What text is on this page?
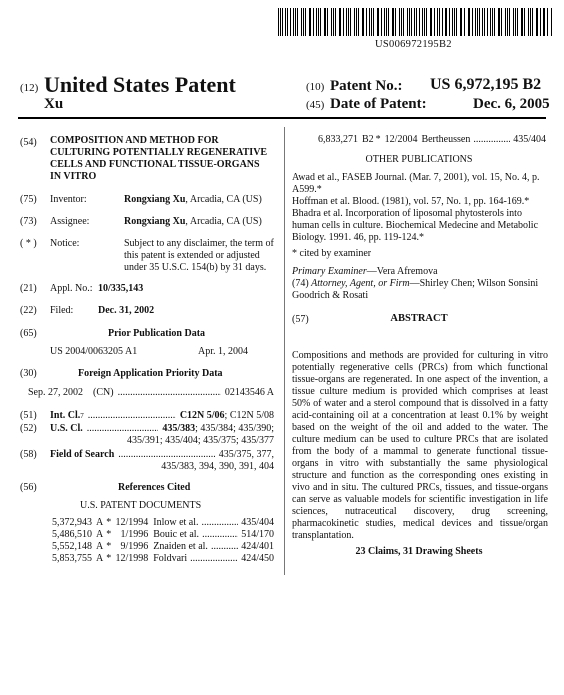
US006972195B2
(12) United States Patent
Xu
(10) Patent No.: US 6,972,195 B2
(45) Date of Patent:	Dec. 6, 2005
(54) COMPOSITION AND METHOD FOR CULTURING POTENTIALLY REGENERATIVE CELLS AND FUNCTIONAL TISSUE-ORGANS IN VITRO
(75) Inventor:	Rongxiang Xu, Arcadia, CA (US)
(73) Assignee:	Rongxiang Xu, Arcadia, CA (US)
( * ) Notice:	Subject to any disclaimer, the term of this patent is extended or adjusted under 35 U.S.C. 154(b) by 31 days.
(21) Appl. No.: 10/335,143
(22) Filed: Dec. 31, 2002
(65)	Prior Publication Data
US 2004/0063205 A1	Apr. 1, 2004
(30)	Foreign Application Priority Data
Sep. 27, 2002 (CN) .....	02143546 A
(51) Int. Cl. 7 .....	C12N 5/06 ; C12N 5/08
(52) U.S. Cl. .....	435/383 ; 435/384; 435/390;
435/391; 435/404; 435/375; 435/377
(58) Field of Search .....	435/375, 377,
435/383, 394, 390, 391, 404
(56)	References Cited
U.S. PATENT DOCUMENTS
5,372,943 A * 12/1994 Inlow et al. .....	435/404
5,486,510 A * 1/1996 Bouic et al. .....	514/170
5,552,148 A * 9/1996 Znaiden et al. .....	424/401
5,853,755 A * 12/1998 Foldvari .....	424/450
6,833,271 B2 * 12/2004 Bertheussen .....	435/404
OTHER PUBLICATIONS
Awad et al., FASEB Journal. (Mar. 7, 2001), vol. 15, No. 4, p. A599.*
Hoffman et al. Blood. (1981), vol. 57, No. 1, pp. 164-169.*
Bhadra et al. Incorporation of liposomal phytosterols into human cells in culture. Biochemical Medecine and Metabolic Biology. 1991. 46, pp. 119-124.*
* cited by examiner
Primary Examiner—Vera Afremova
(74) Attorney, Agent, or Firm—Shirley Chen; Wilson Sonsini Goodrich & Rosati
(57)	ABSTRACT
Compositions and methods are provided for culturing in vitro potentially regenerative cells (PRCs) from which functional tissue-organs are regenerated. In one aspect of the invention, a tissue culture medium is provided which comprises at least 50% of water and a sterol compound that is dissolved in a fatty acid-containing oil at a concentration at least 0.1% by weight based on the weight of the oil and added to the water. The culture medium can be used to culture PRCs that are isolated from the body of a mammal to generate functional tissue-organs in vitro with substantially the same physiological structure and function as the corresponding ones existing in vivo and in situ. The cultured PRCs, tissues, and tissue-organs can serve as valuable models for scientific investigation in life sciences, nutraceutical discovery, drug screening, pharmacokinetic studies, medical devices and tissue/organ transplantation.
23 Claims, 31 Drawing Sheets
